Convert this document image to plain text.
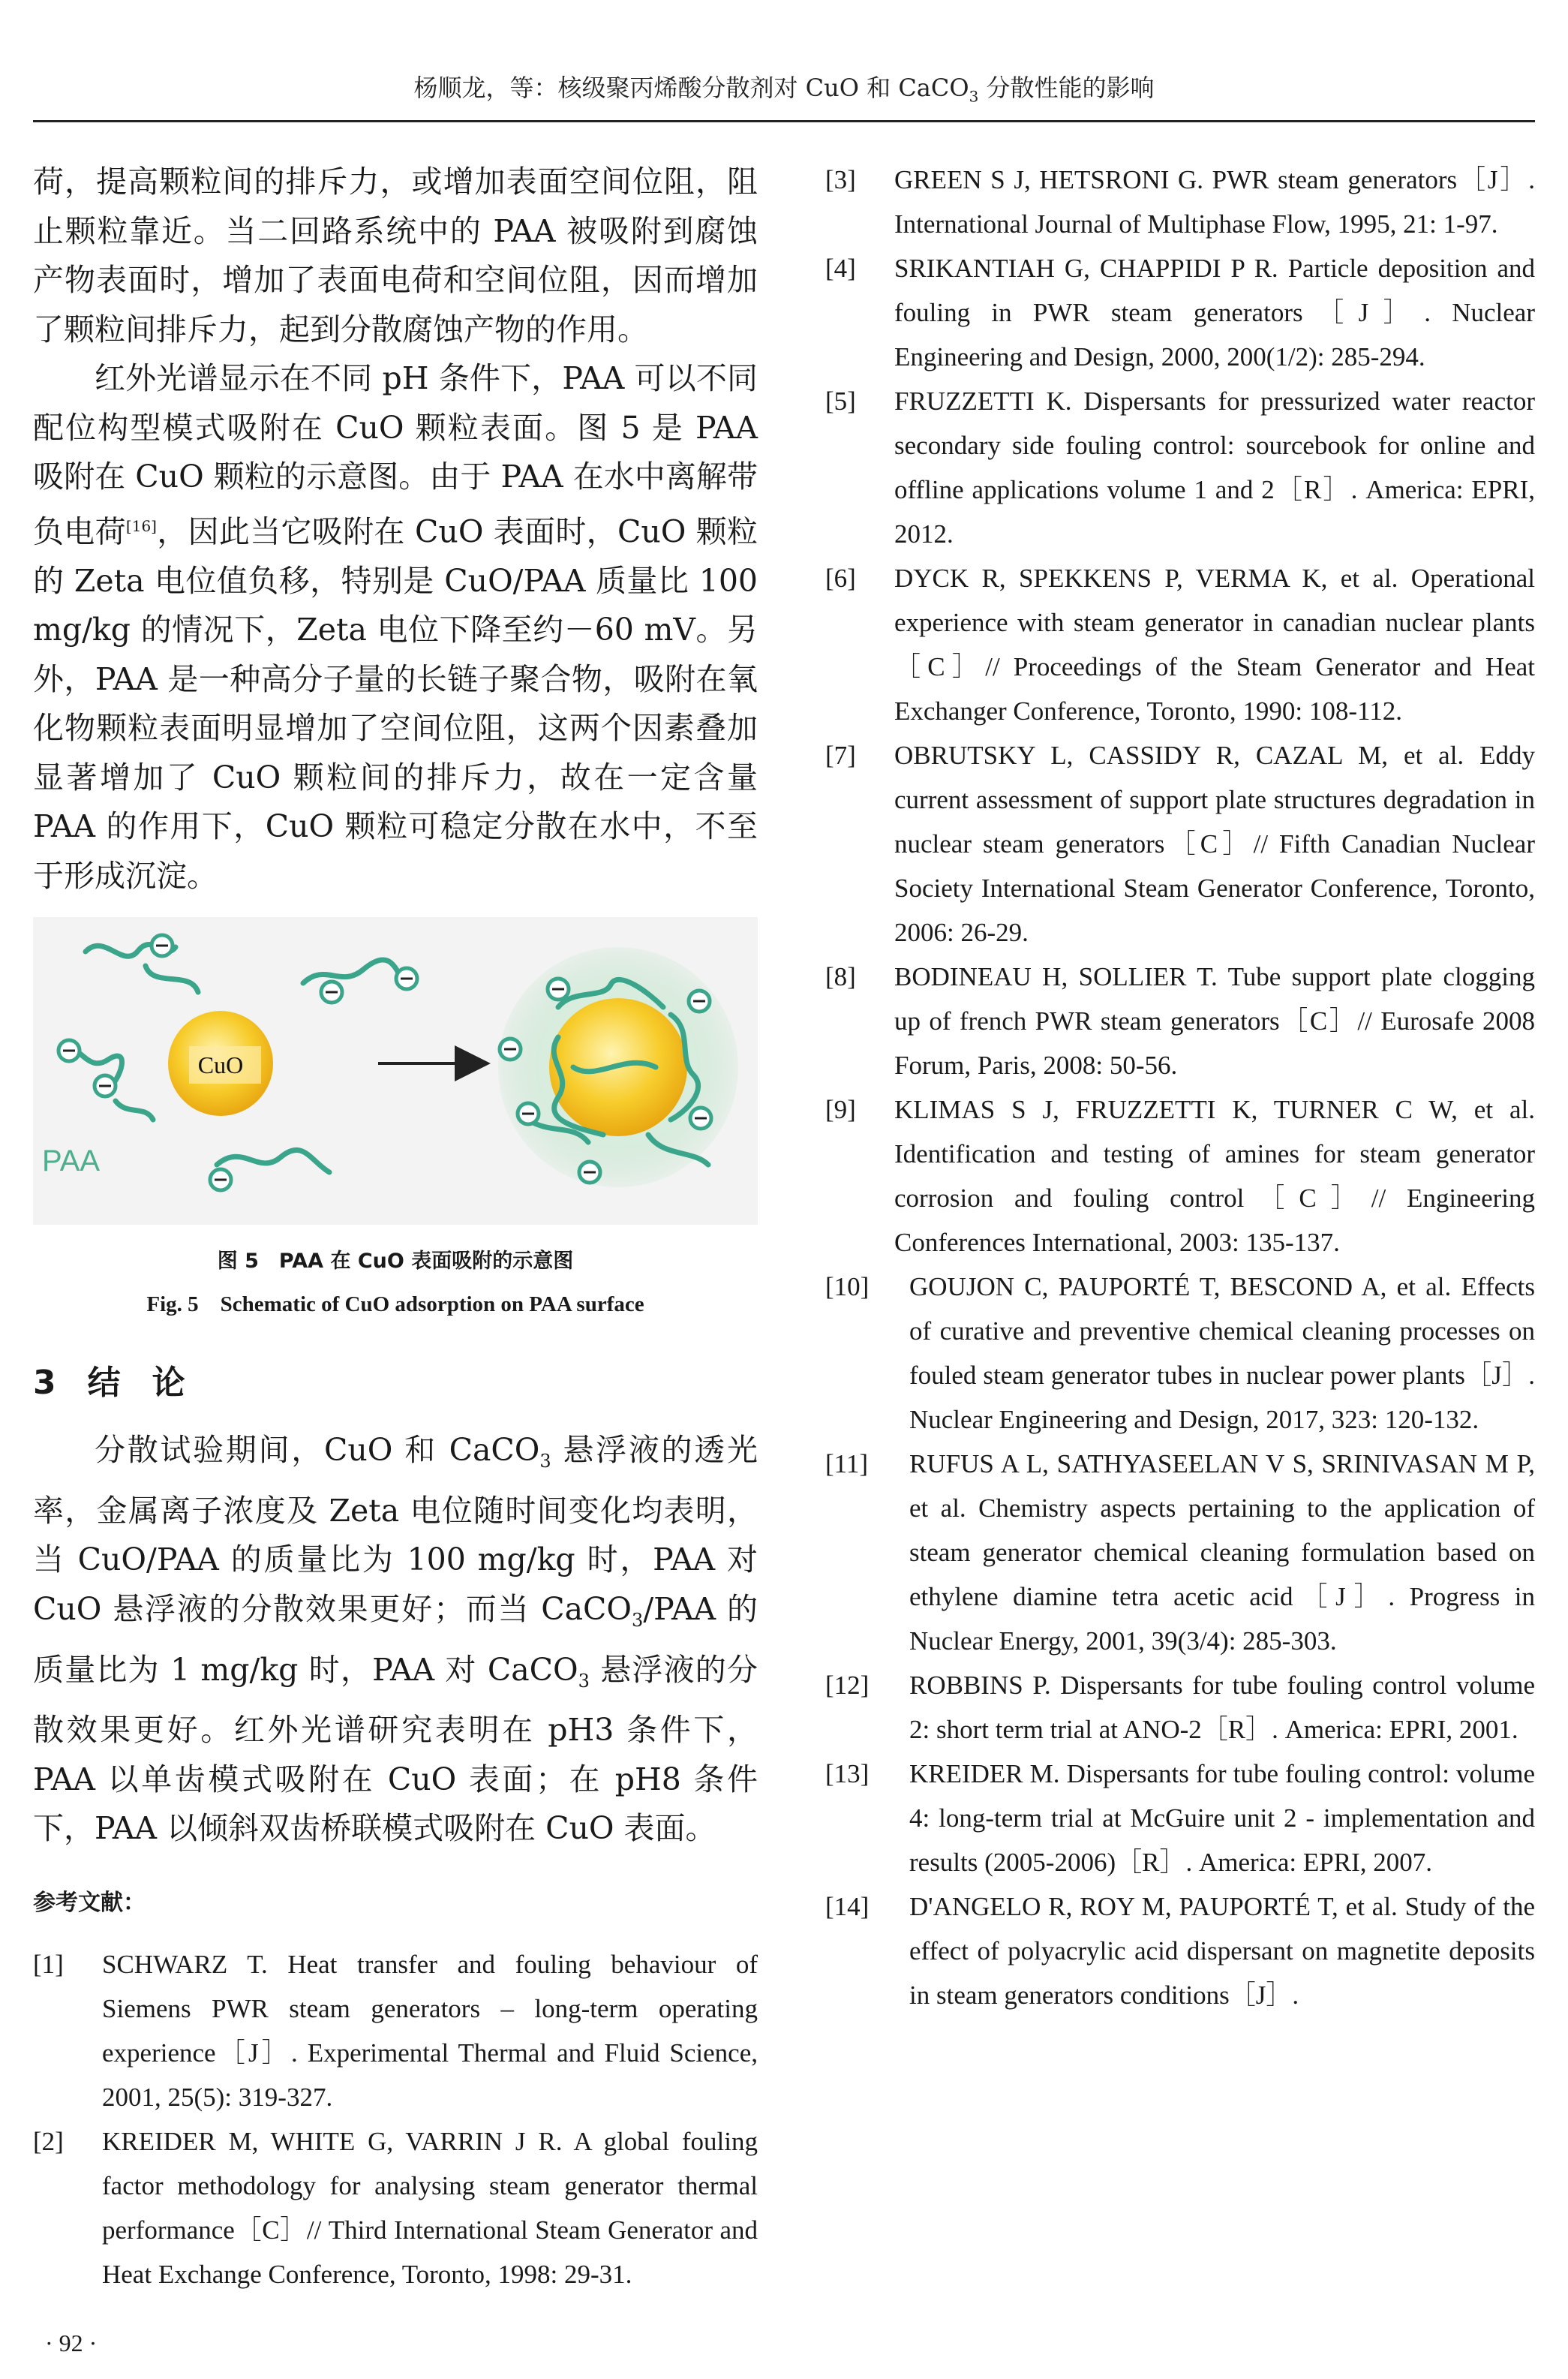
杨顺龙，等：核级聚丙烯酸分散剂对 CuO 和 CaCO$_3$ 分散性能的影响

荷，提高颗粒间的排斥力，或增加表面空间位阻，阻止颗粒靠近。当二回路系统中的 PAA 被吸附到腐蚀产物表面时，增加了表面电荷和空间位阻，因而增加了颗粒间排斥力，起到分散腐蚀产物的作用。

红外光谱显示在不同 pH 条件下，PAA 可以不同配位构型模式吸附在 CuO 颗粒表面。图 5 是 PAA 吸附在 CuO 颗粒的示意图。由于 PAA 在水中离解带负电荷[16]，因此当它吸附在 CuO 表面时，CuO 颗粒的 Zeta 电位值负移，特别是 CuO/PAA 质量比 100 mg/kg 的情况下，Zeta 电位下降至约－60 mV。另外，PAA 是一种高分子量的长链子聚合物，吸附在氧化物颗粒表面明显增加了空间位阻，这两个因素叠加显著增加了 CuO 颗粒间的排斥力，故在一定含量 PAA 的作用下，CuO 颗粒可稳定分散在水中，不至于形成沉淀。

CuO
PAA
图 5　PAA 在 CuO 表面吸附的示意图
Fig. 5　Schematic of CuO adsorption on PAA surface
3 结 论

分散试验期间，CuO 和 CaCO$_3$ 悬浮液的透光率，金属离子浓度及 Zeta 电位随时间变化均表明，当 CuO/PAA 的质量比为 100 mg/kg 时，PAA 对 CuO 悬浮液的分散效果更好；而当 CaCO$_3$/PAA 的质量比为 1 mg/kg 时，PAA 对 CaCO$_3$ 悬浮液的分散效果更好。红外光谱研究表明在 pH3 条件下，PAA 以单齿模式吸附在 CuO 表面；在 pH8 条件下，PAA 以倾斜双齿桥联模式吸附在 CuO 表面。

参考文献：
[1]	SCHWARZ T. Heat transfer and fouling behaviour of Siemens PWR steam generators – long-term operating experience［J］. Experimental Thermal and Fluid Science, 2001, 25(5): 319-327.
[2]	KREIDER M, WHITE G, VARRIN J R. A global fouling factor methodology for analysing steam generator thermal performance［C］// Third International Steam Generator and Heat Exchange Conference, Toronto, 1998: 29-31.
[3]	GREEN S J, HETSRONI G. PWR steam generators［J］. International Journal of Multiphase Flow, 1995, 21: 1-97.
[4]	SRIKANTIAH G, CHAPPIDI P R. Particle deposition and fouling in PWR steam generators［J］. Nuclear Engineering and Design, 2000, 200(1/2): 285-294.
[5]	FRUZZETTI K. Dispersants for pressurized water reactor secondary side fouling control: sourcebook for online and offline applications volume 1 and 2［R］. America: EPRI, 2012.
[6]	DYCK R, SPEKKENS P, VERMA K, et al. Operational experience with steam generator in canadian nuclear plants［C］// Proceedings of the Steam Generator and Heat Exchanger Conference, Toronto, 1990: 108-112.
[7]	OBRUTSKY L, CASSIDY R, CAZAL M, et al. Eddy current assessment of support plate structures degradation in nuclear steam generators［C］// Fifth Canadian Nuclear Society International Steam Generator Conference, Toronto, 2006: 26-29.
[8]	BODINEAU H, SOLLIER T. Tube support plate clogging up of french PWR steam generators［C］// Eurosafe 2008 Forum, Paris, 2008: 50-56.
[9]	KLIMAS S J, FRUZZETTI K, TURNER C W, et al. Identification and testing of amines for steam generator corrosion and fouling control［C］// Engineering Conferences International, 2003: 135-137.
[10]	GOUJON C, PAUPORTÉ T, BESCOND A, et al. Effects of curative and preventive chemical cleaning processes on fouled steam generator tubes in nuclear power plants［J］. Nuclear Engineering and Design, 2017, 323: 120-132.
[11]	RUFUS A L, SATHYASEELAN V S, SRINIVASAN M P, et al. Chemistry aspects pertaining to the application of steam generator chemical cleaning formulation based on ethylene diamine tetra acetic acid［J］. Progress in Nuclear Energy, 2001, 39(3/4): 285-303.
[12]	ROBBINS P. Dispersants for tube fouling control volume 2: short term trial at ANO-2［R］. America: EPRI, 2001.
[13]	KREIDER M. Dispersants for tube fouling control: volume 4: long-term trial at McGuire unit 2 - implementation and results (2005-2006)［R］. America: EPRI, 2007.
[14]	D'ANGELO R, ROY M, PAUPORTÉ T, et al. Study of the effect of polyacrylic acid dispersant on magnetite deposits in steam generators conditions［J］.
· 92 ·
